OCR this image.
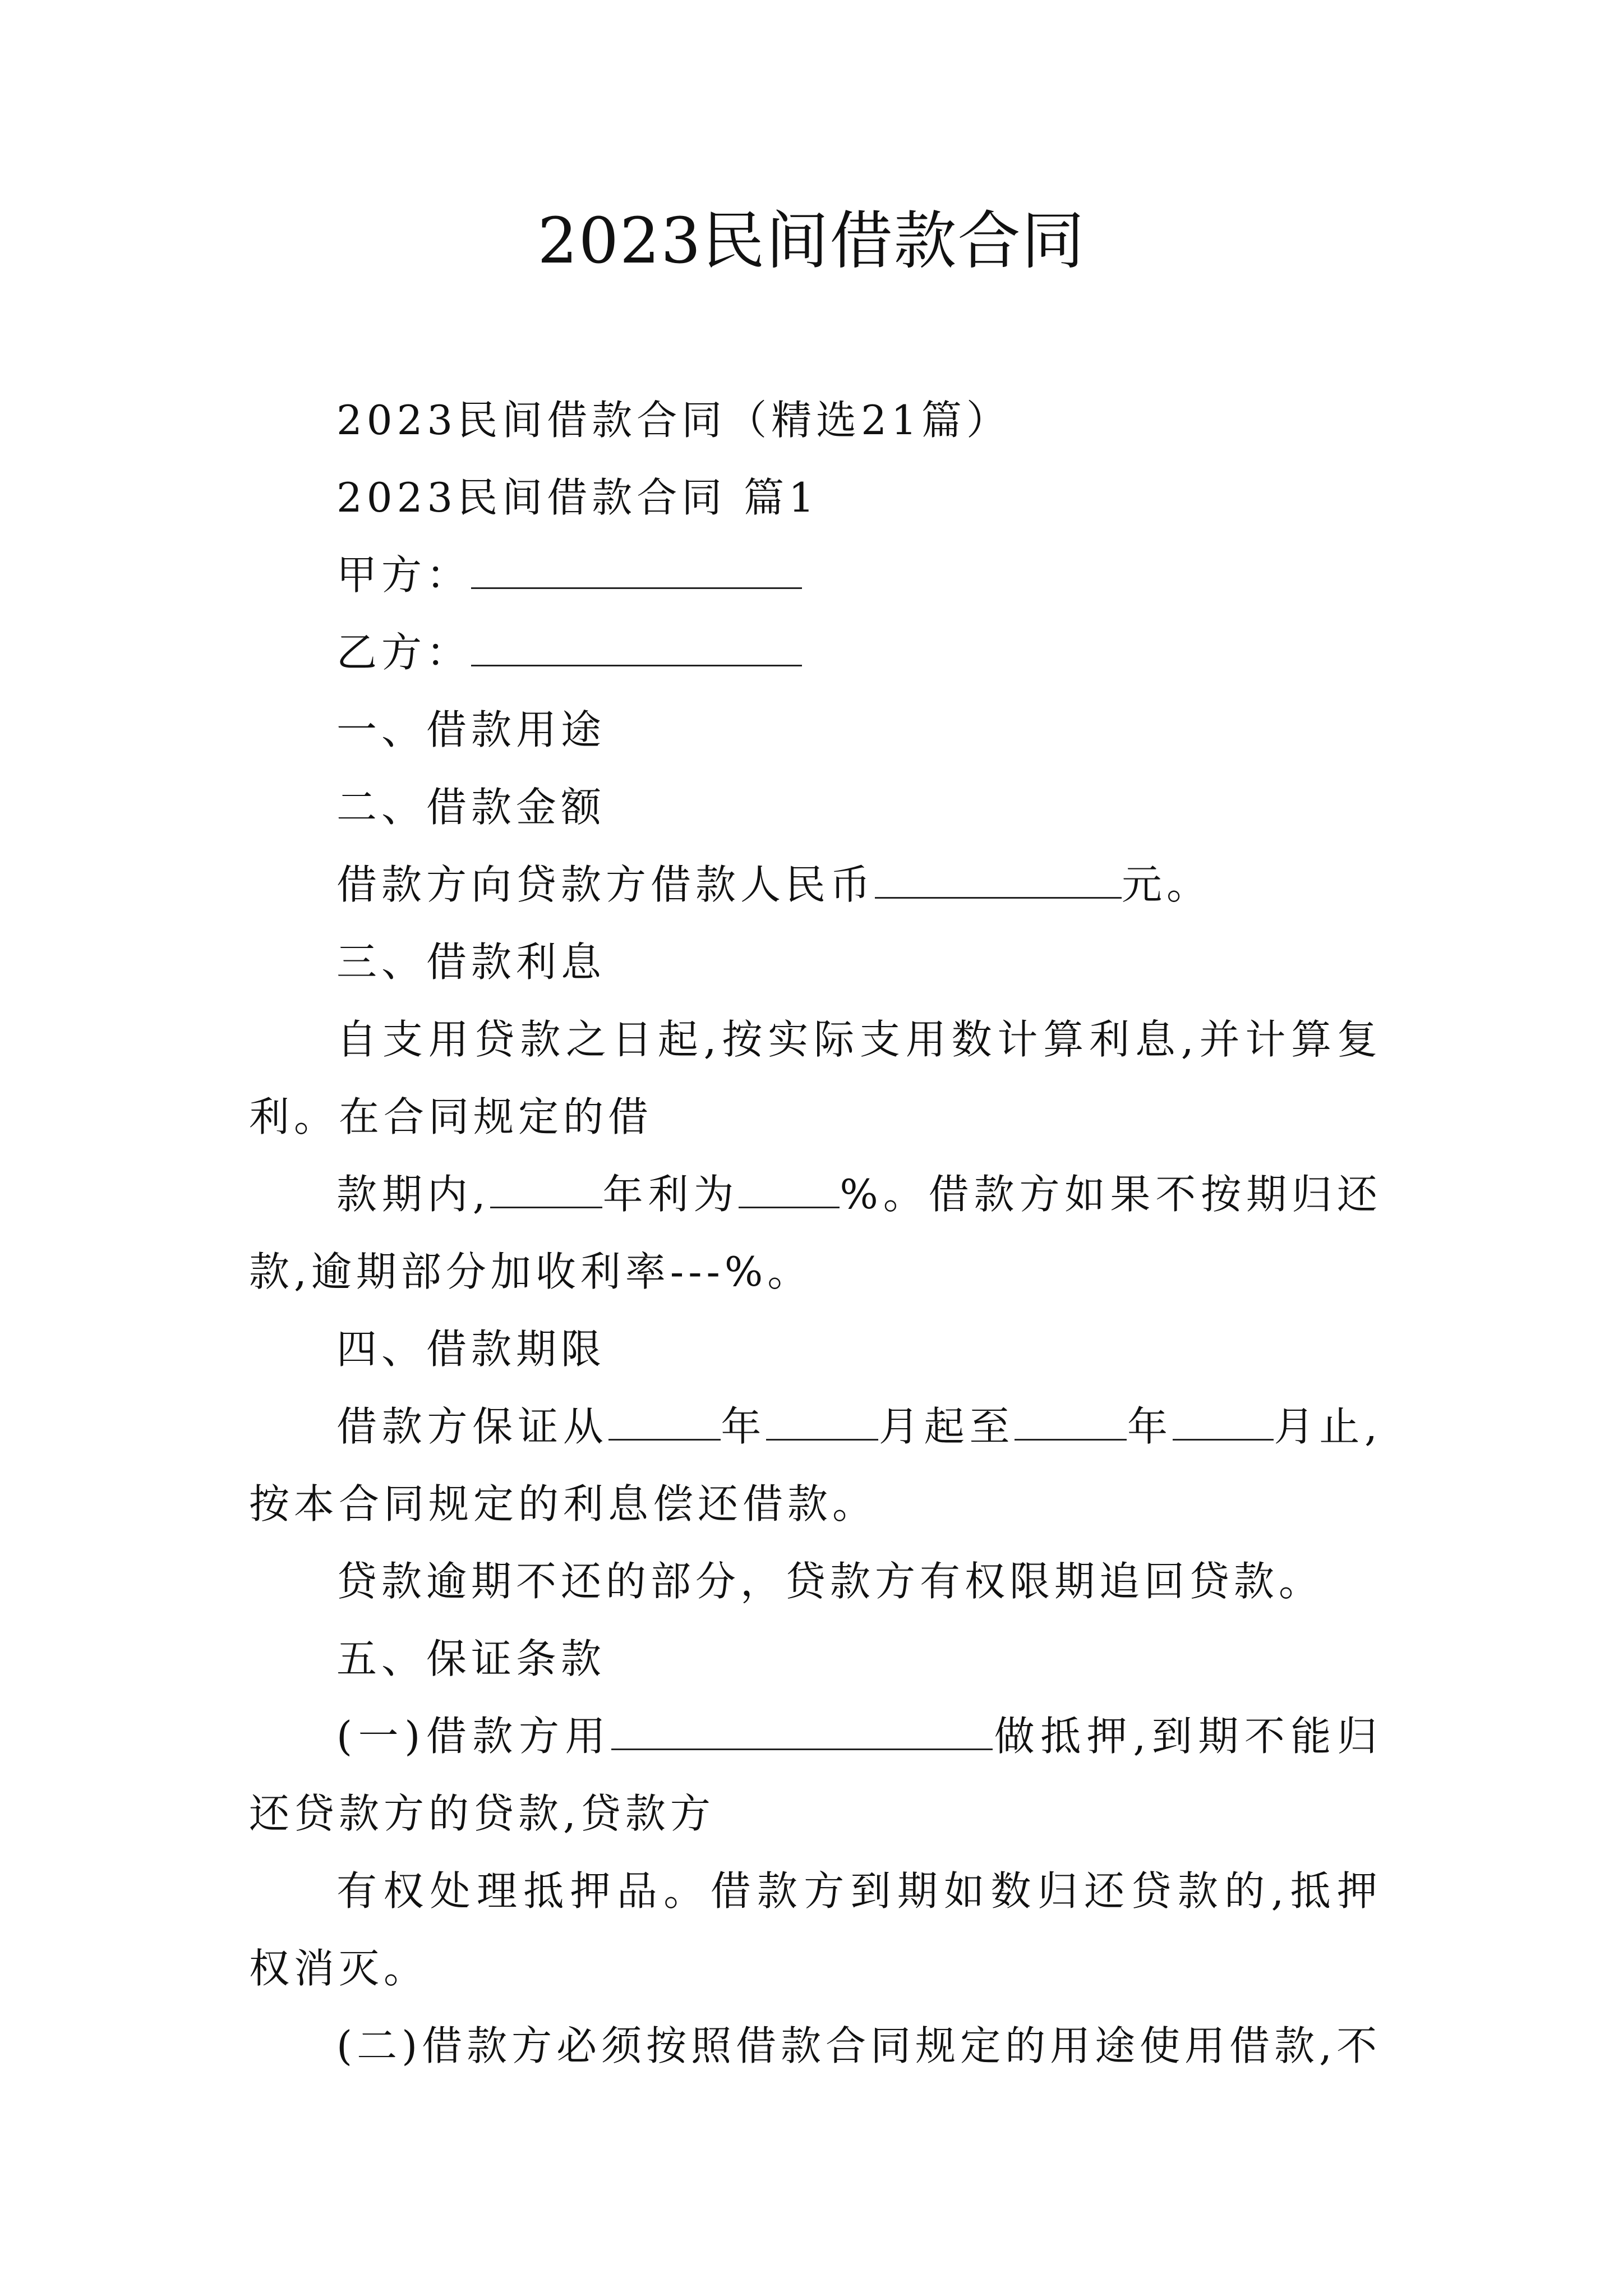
2023民间借款合同

2023民间借款合同（精选21篇）

2023民间借款合同 篇1

甲方：

乙方：

一、借款用途

二、借款金额

借款方向贷款方借款人民币	元。

三、借款利息

自支用贷款之日起,按实际支用数计算利息,并计算复利。在合同规定的借

款期内,	年利为	%。借款方如果不按期归还款,逾期部分加收利率---%。

四、借款期限

借款方保证从	年	月起至	年	月止,按本合同规定的利息偿还借款。

贷款逾期不还的部分，贷款方有权限期追回贷款。

五、保证条款

(一)借款方用	做抵押,到期不能归还贷款方的贷款,贷款方

有权处理抵押品。借款方到期如数归还贷款的,抵押权消灭。

(二)借款方必须按照借款合同规定的用途使用借款,不
